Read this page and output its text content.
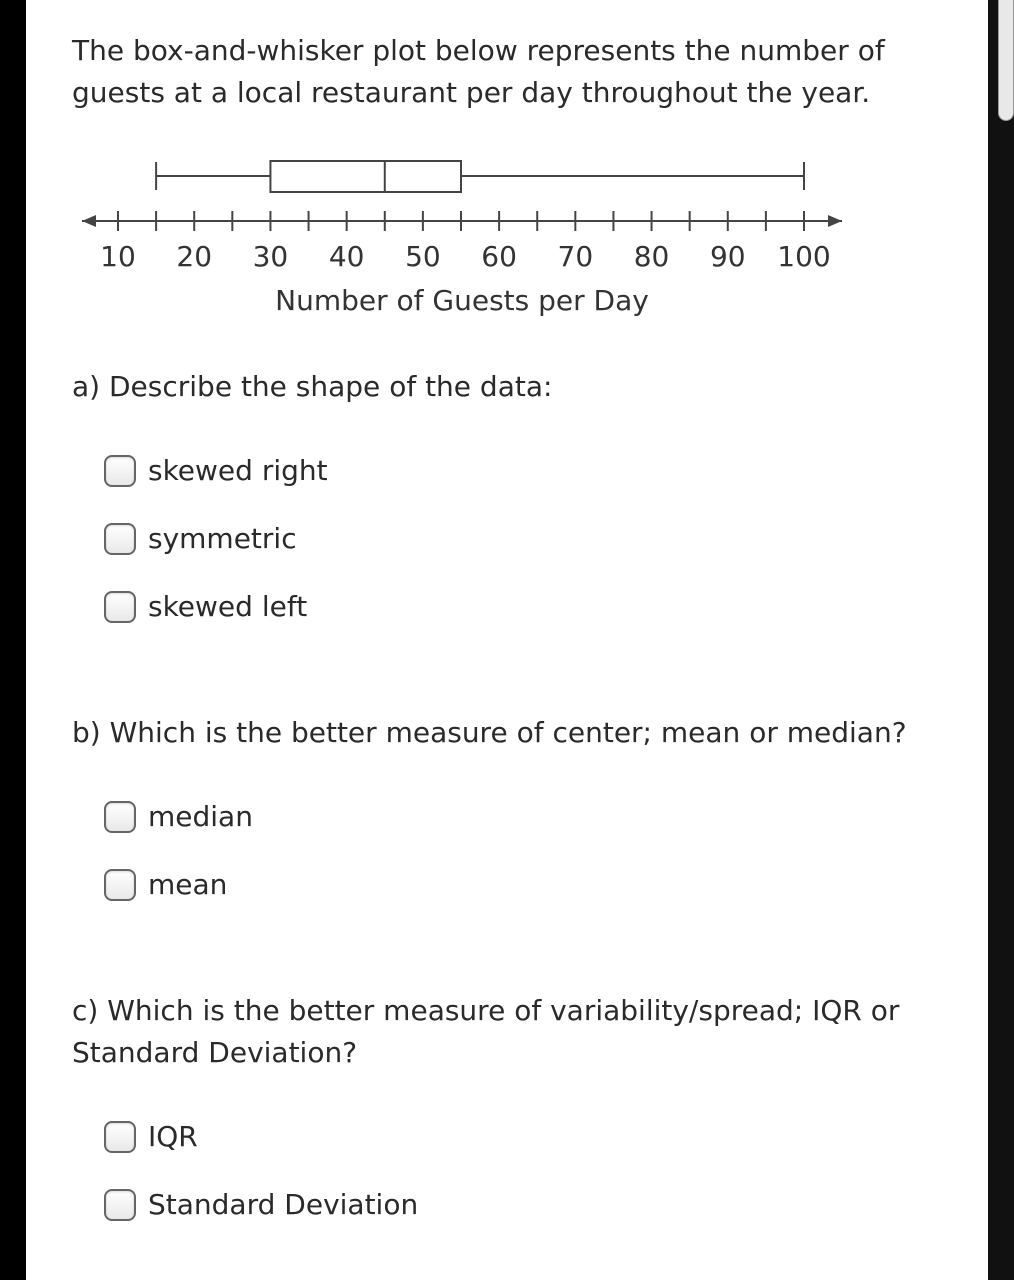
The box-and-whisker plot below represents the number of guests at a local restaurant per day throughout the year.
10 20 30 40 50 60 70 80 90 100
Number of Guests per Day
a) Describe the shape of the data:
skewed right
symmetric
skewed left
b) Which is the better measure of center; mean or median?
median
mean
c) Which is the better measure of variability/spread; IQR or Standard Deviation?
IQR
Standard Deviation
